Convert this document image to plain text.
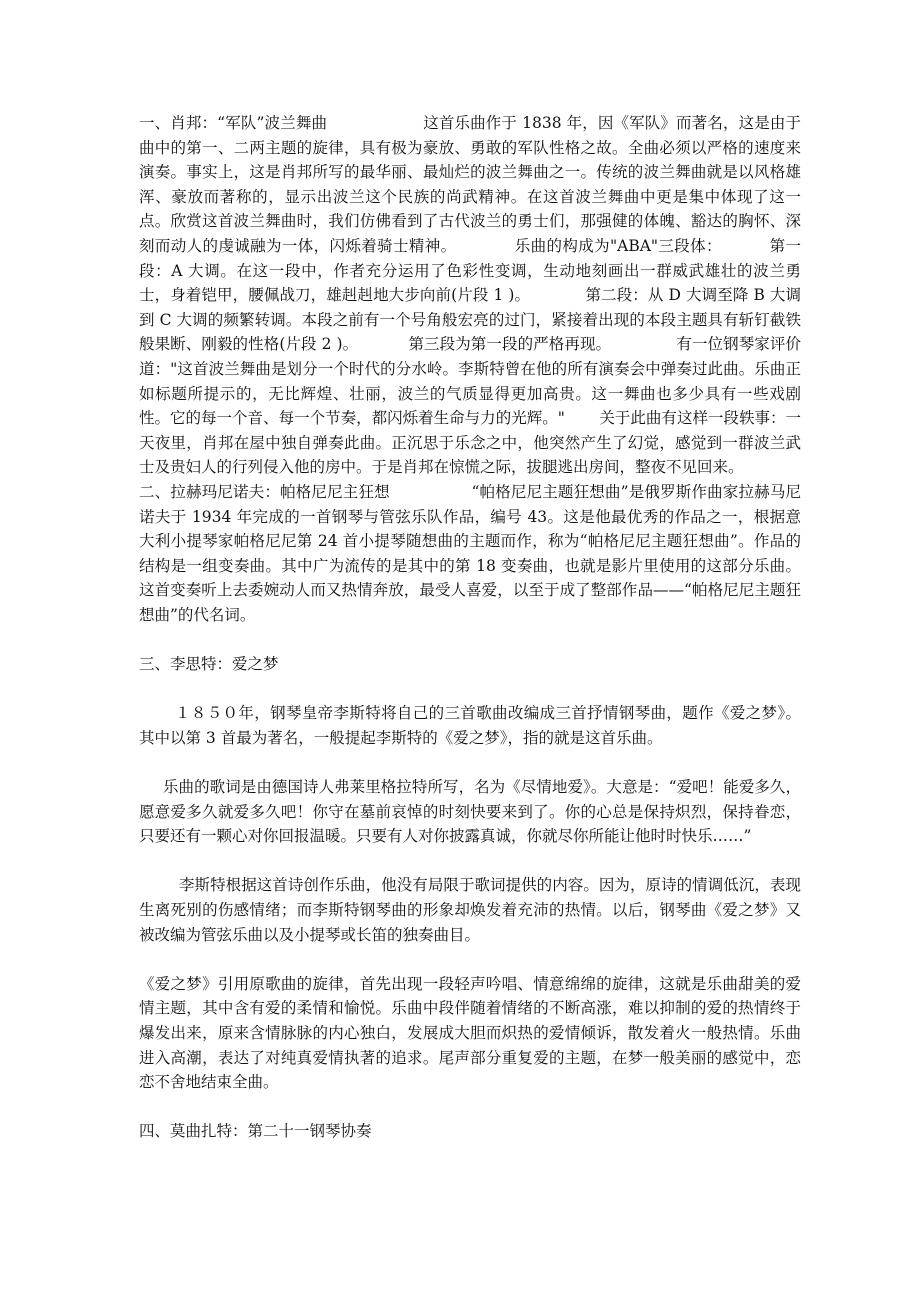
一、肖邦：“军队”波兰舞曲                   这首乐曲作于 1838 年，因《军队》而著名，这是由于曲中的第一、二两主题的旋律，具有极为豪放、勇敢的军队性格之故。全曲必须以严格的速度来演奏。事实上，这是肖邦所写的最华丽、最灿烂的波兰舞曲之一。传统的波兰舞曲就是以风格雄浑、豪放而著称的，显示出波兰这个民族的尚武精神。在这首波兰舞曲中更是集中体现了这一点。欣赏这首波兰舞曲时，我们仿佛看到了古代波兰的勇士们，那强健的体魄、豁达的胸怀、深刻而动人的虔诚融为一体，闪烁着骑士精神。           乐曲的构成为"ABA"三段体：         第一段：A 大调。在这一段中，作者充分运用了色彩性变调，生动地刻画出一群威武雄壮的波兰勇士，身着铠甲，腰佩战刀，雄赳赳地大步向前(片段 1 )。           第二段：从 D 大调至降 B 大调到 C 大调的频繁转调。本段之前有一个号角般宏亮的过门，紧接着出现的本段主题具有斩钉截铁般果断、刚毅的性格(片段 2 )。          第三段为第一段的严格再现。             有一位钢琴家评价道："这首波兰舞曲是划分一个时代的分水岭。李斯特曾在他的所有演奏会中弹奏过此曲。乐曲正如标题所提示的，无比辉煌、壮丽，波兰的气质显得更加高贵。这一舞曲也多少具有一些戏剧性。它的每一个音、每一个节奏，都闪烁着生命与力的光辉。"       关于此曲有这样一段轶事：一天夜里，肖邦在屋中独自弹奏此曲。正沉思于乐念之中，他突然产生了幻觉，感觉到一群波兰武士及贵妇人的行列侵入他的房中。于是肖邦在惊慌之际，拔腿逃出房间，整夜不见回来。

二、拉赫玛尼诺夫：帕格尼尼主狂想                “帕格尼尼主题狂想曲”是俄罗斯作曲家拉赫马尼诺夫于 1934 年完成的一首钢琴与管弦乐队作品，编号 43。这是他最优秀的作品之一，根据意大利小提琴家帕格尼尼第 24 首小提琴随想曲的主题而作，称为“帕格尼尼主题狂想曲”。作品的结构是一组变奏曲。其中广为流传的是其中的第 18 变奏曲，也就是影片里使用的这部分乐曲。这首变奏听上去委婉动人而又热情奔放，最受人喜爱，以至于成了整部作品——“帕格尼尼主题狂想曲”的代名词。

三、李思特：爱之梦

１８５０年，钢琴皇帝李斯特将自己的三首歌曲改编成三首抒情钢琴曲，题作《爱之梦》。其中以第 3 首最为著名，一般提起李斯特的《爱之梦》，指的就是这首乐曲。

乐曲的歌词是由德国诗人弗莱里格拉特所写，名为《尽情地爱》。大意是：“爱吧！能爱多久，愿意爱多久就爱多久吧！你守在墓前哀悼的时刻快要来到了。你的心总是保持炽烈，保持眷恋，只要还有一颗心对你回报温暖。只要有人对你披露真诚，你就尽你所能让他时时快乐……”

李斯特根据这首诗创作乐曲，他没有局限于歌词提供的内容。因为，原诗的情调低沉，表现生离死别的伤感情绪；而李斯特钢琴曲的形象却焕发着充沛的热情。以后，钢琴曲《爱之梦》又被改编为管弦乐曲以及小提琴或长笛的独奏曲目。

《爱之梦》引用原歌曲的旋律，首先出现一段轻声吟唱、情意绵绵的旋律，这就是乐曲甜美的爱情主题，其中含有爱的柔情和愉悦。乐曲中段伴随着情绪的不断高涨，难以抑制的爱的热情终于爆发出来，原来含情脉脉的内心独白，发展成大胆而炽热的爱情倾诉，散发着火一般热情。乐曲进入高潮，表达了对纯真爱情执著的追求。尾声部分重复爱的主题，在梦一般美丽的感觉中，恋恋不舍地结束全曲。

四、莫曲扎特：第二十一钢琴协奏
